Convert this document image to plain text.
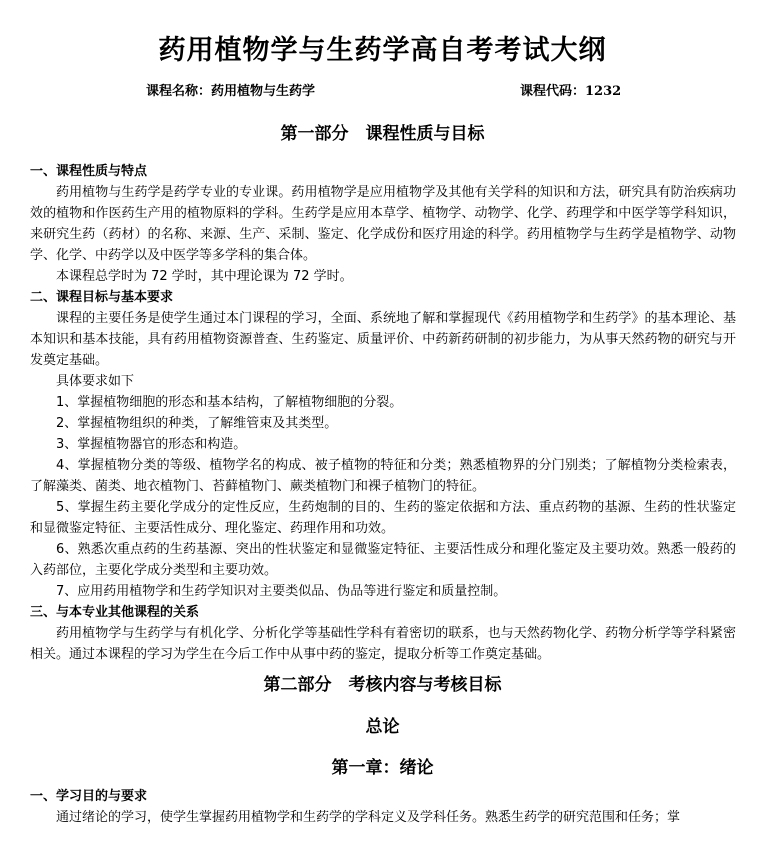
药用植物学与生药学高自考考试大纲
课程名称：药用植物与生药学	课程代码：1232
第一部分　课程性质与目标
一、课程性质与特点
药用植物与生药学是药学专业的专业课。药用植物学是应用植物学及其他有关学科的知识和方法，研究具有防治疾病功效的植物和作医药生产用的植物原料的学科。生药学是应用本草学、植物学、动物学、化学、药理学和中医学等学科知识，来研究生药（药材）的名称、来源、生产、采制、鉴定、化学成份和医疗用途的科学。药用植物学与生药学是植物学、动物学、化学、中药学以及中医学等多学科的集合体。
本课程总学时为 72 学时，其中理论课为 72 学时。
二、课程目标与基本要求
课程的主要任务是使学生通过本门课程的学习，全面、系统地了解和掌握现代《药用植物学和生药学》的基本理论、基本知识和基本技能，具有药用植物资源普查、生药鉴定、质量评价、中药新药研制的初步能力，为从事天然药物的研究与开发奠定基础。
具体要求如下
1、掌握植物细胞的形态和基本结构，了解植物细胞的分裂。
2、掌握植物组织的种类，了解维管束及其类型。
3、掌握植物器官的形态和构造。
4、掌握植物分类的等级、植物学名的构成、被子植物的特征和分类；熟悉植物界的分门别类；了解植物分类检索表，了解藻类、菌类、地衣植物门、苔藓植物门、蕨类植物门和裸子植物门的特征。
5、掌握生药主要化学成分的定性反应，生药炮制的目的、生药的鉴定依据和方法、重点药物的基源、生药的性状鉴定和显微鉴定特征、主要活性成分、理化鉴定、药理作用和功效。
6、熟悉次重点药的生药基源、突出的性状鉴定和显微鉴定特征、主要活性成分和理化鉴定及主要功效。熟悉一般药的入药部位，主要化学成分类型和主要功效。
7、应用药用植物学和生药学知识对主要类似品、伪品等进行鉴定和质量控制。
三、与本专业其他课程的关系
药用植物学与生药学与有机化学、分析化学等基础性学科有着密切的联系，也与天然药物化学、药物分析学等学科紧密相关。通过本课程的学习为学生在今后工作中从事中药的鉴定，提取分析等工作奠定基础。
第二部分　考核内容与考核目标
总论
第一章：绪论
一、学习目的与要求
通过绪论的学习，使学生掌握药用植物学和生药学的学科定义及学科任务。熟悉生药学的研究范围和任务；掌
